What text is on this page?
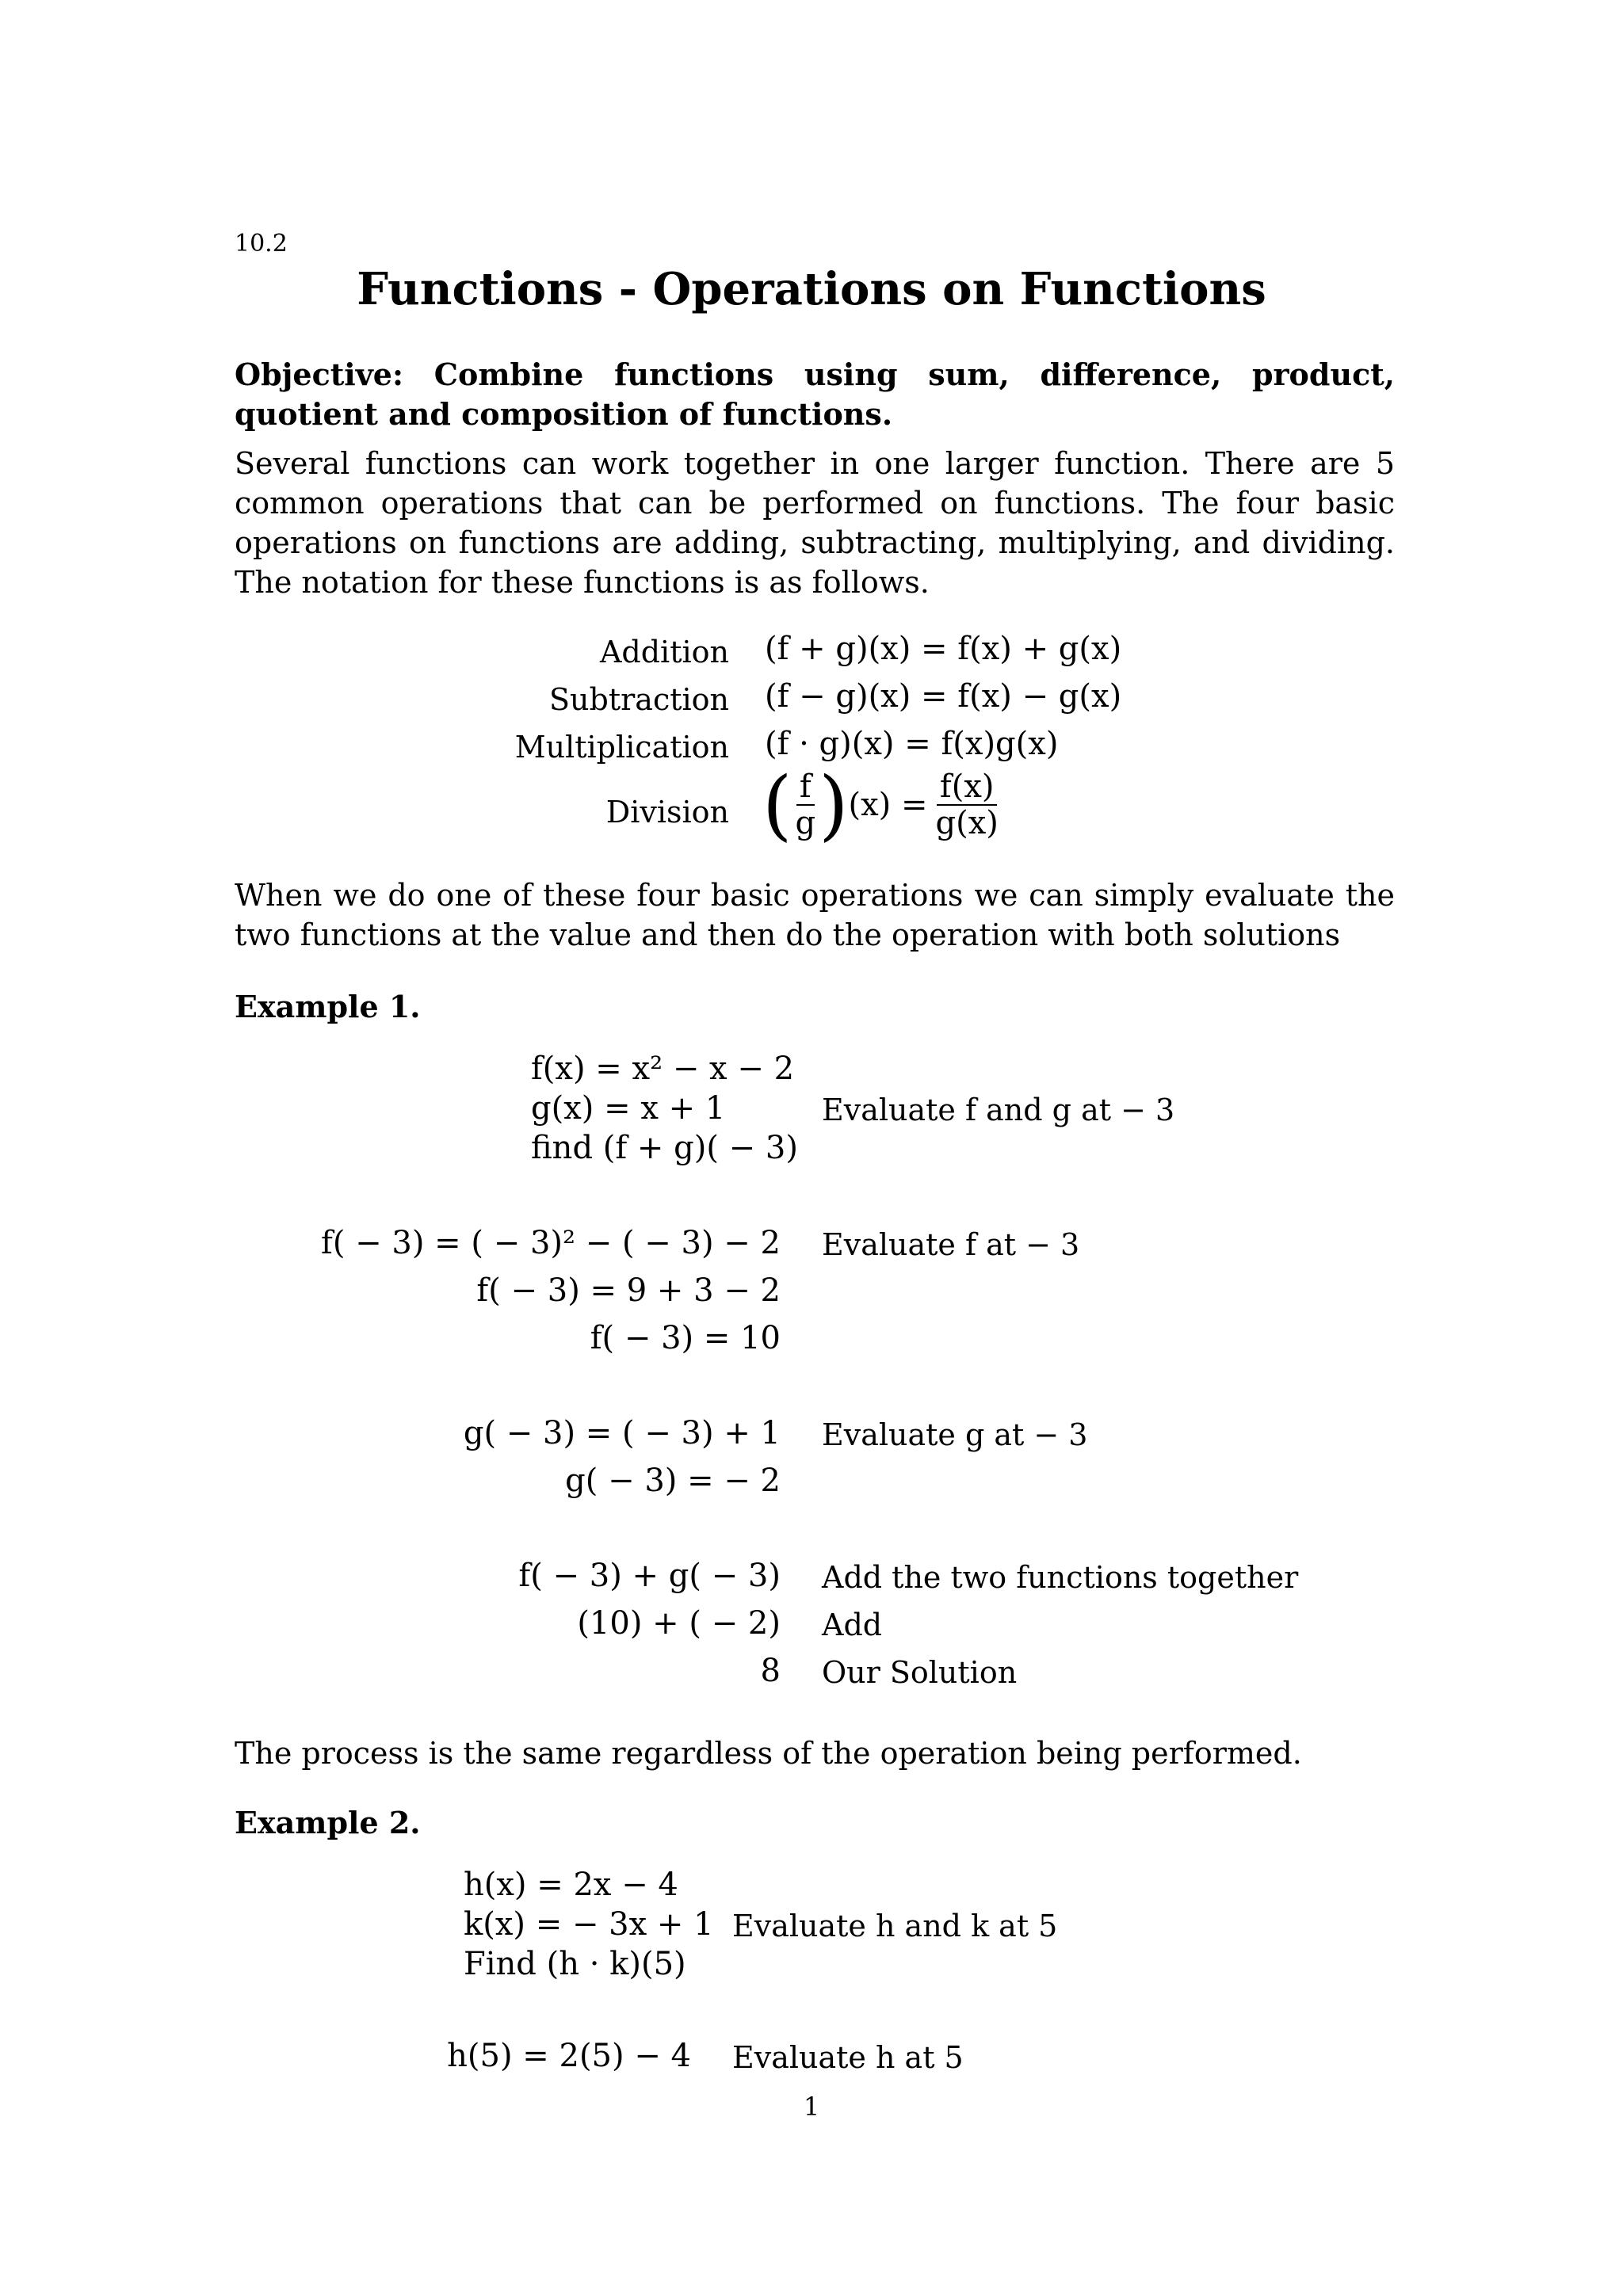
10.2
Functions - Operations on Functions
Objective: Combine functions using sum, difference, product, quotient and composition of functions.
Several functions can work together in one larger function. There are 5 common operations that can be performed on functions. The four basic operations on functions are adding, subtracting, multiplying, and dividing. The notation for these functions is as follows.
Addition (f + g)(x) = f(x) + g(x)
Subtraction (f − g)(x) = f(x) − g(x)
Multiplication (f · g)(x) = f(x)g(x)
Division ( $\frac{f}{g} )(x) = \frac{f(x)}{g(x)}$
When we do one of these four basic operations we can simply evaluate the two functions at the value and then do the operation with both solutions
Example 1.
f(x) = x² − x − 2
g(x) = x + 1
find (f + g)( − 3)
Evaluate f and g at − 3
f( − 3) = ( − 3)² − ( − 3) − 2
f( − 3) = 9 + 3 − 2
f( − 3) = 10
Evaluate f at − 3
g( − 3) = ( − 3) + 1
g( − 3) = − 2
Evaluate g at − 3
f( − 3) + g( − 3) Add the two functions together
(10) + ( − 2) Add
8 Our Solution
The process is the same regardless of the operation being performed.
Example 2.
h(x) = 2x − 4
k(x) = − 3x + 1
Find (h · k)(5)
Evaluate h and k at 5
h(5) = 2(5) − 4 Evaluate h at 5
1
